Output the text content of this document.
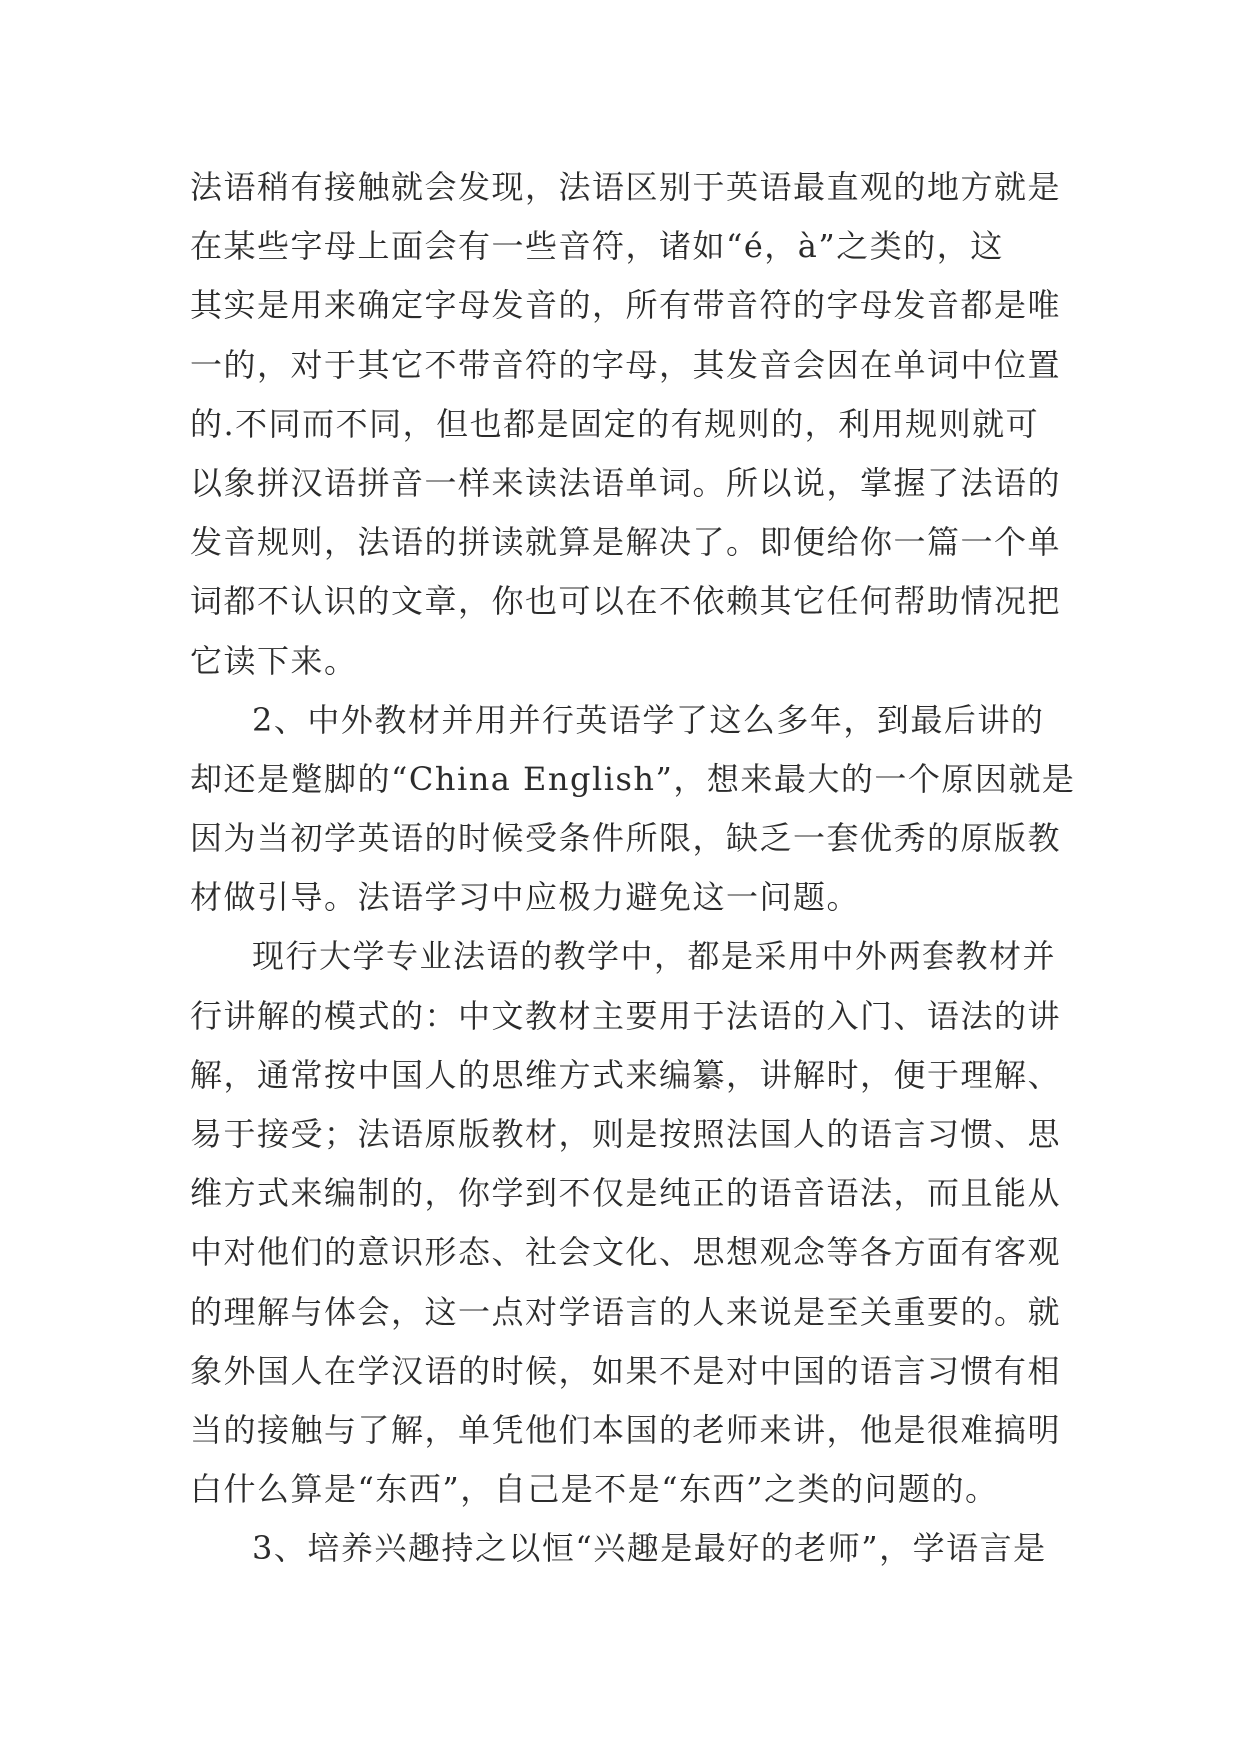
法语稍有接触就会发现，法语区别于英语最直观的地方就是
在某些字母上面会有一些音符，诸如“é，à”之类的，这
其实是用来确定字母发音的，所有带音符的字母发音都是唯
一的，对于其它不带音符的字母，其发音会因在单词中位置
的.不同而不同，但也都是固定的有规则的，利用规则就可
以象拼汉语拼音一样来读法语单词。所以说，掌握了法语的
发音规则，法语的拼读就算是解决了。即便给你一篇一个单
词都不认识的文章，你也可以在不依赖其它任何帮助情况把
它读下来。
2、中外教材并用并行英语学了这么多年，到最后讲的
却还是蹩脚的“China English”，想来最大的一个原因就是
因为当初学英语的时候受条件所限，缺乏一套优秀的原版教
材做引导。法语学习中应极力避免这一问题。
现行大学专业法语的教学中，都是采用中外两套教材并
行讲解的模式的：中文教材主要用于法语的入门、语法的讲
解，通常按中国人的思维方式来编纂，讲解时，便于理解、
易于接受；法语原版教材，则是按照法国人的语言习惯、思
维方式来编制的，你学到不仅是纯正的语音语法，而且能从
中对他们的意识形态、社会文化、思想观念等各方面有客观
的理解与体会，这一点对学语言的人来说是至关重要的。就
象外国人在学汉语的时候，如果不是对中国的语言习惯有相
当的接触与了解，单凭他们本国的老师来讲，他是很难搞明
白什么算是“东西”，自己是不是“东西”之类的问题的。
3、培养兴趣持之以恒“兴趣是最好的老师”，学语言是
